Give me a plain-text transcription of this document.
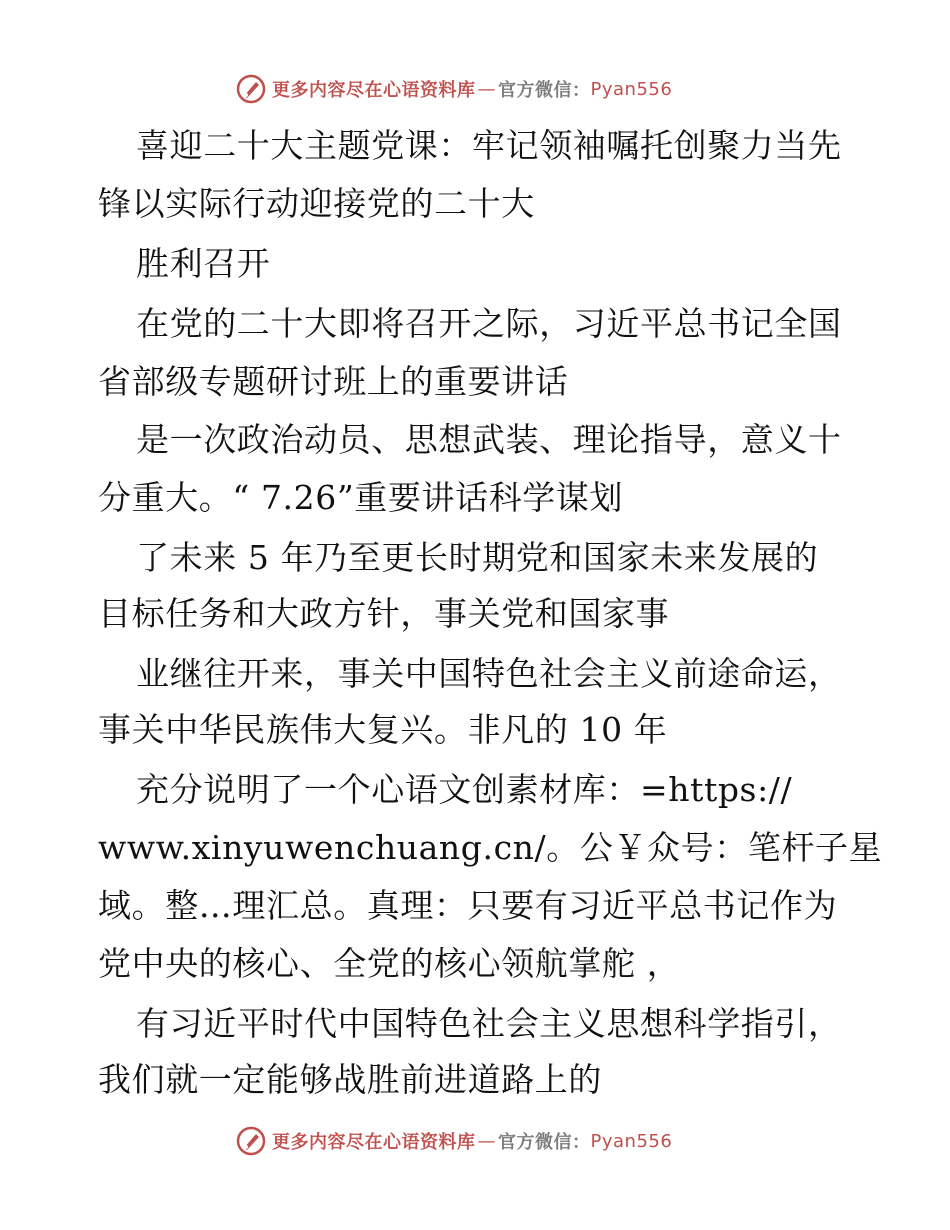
更多内容尽在心语资料库 — 官方微信： Pyan556
喜迎二十大主题党课：牢记领袖嘱托创聚力当先
锋以实际行动迎接党的二十大
胜利召开
在党的二十大即将召开之际，习近平总书记全国
省部级专题研讨班上的重要讲话
是一次政治动员、思想武装、理论指导，意义十
分重大。“ 7.26”重要讲话科学谋划
了未来 5 年乃至更长时期党和国家未来发展的
目标任务和大政方针，事关党和国家事
业继往开来，事关中国特色社会主义前途命运，
事关中华民族伟大复兴。非凡的 10 年
充分说明了一个心语文创素材库：=https://
www.xinyuwenchuang.cn/。公￥众号：笔杆子星
域。整…理汇总。真理：只要有习近平总书记作为
党中央的核心、全党的核心领航掌舵 ，
有习近平时代中国特色社会主义思想科学指引，
我们就一定能够战胜前进道路上的
更多内容尽在心语资料库 — 官方微信： Pyan556
